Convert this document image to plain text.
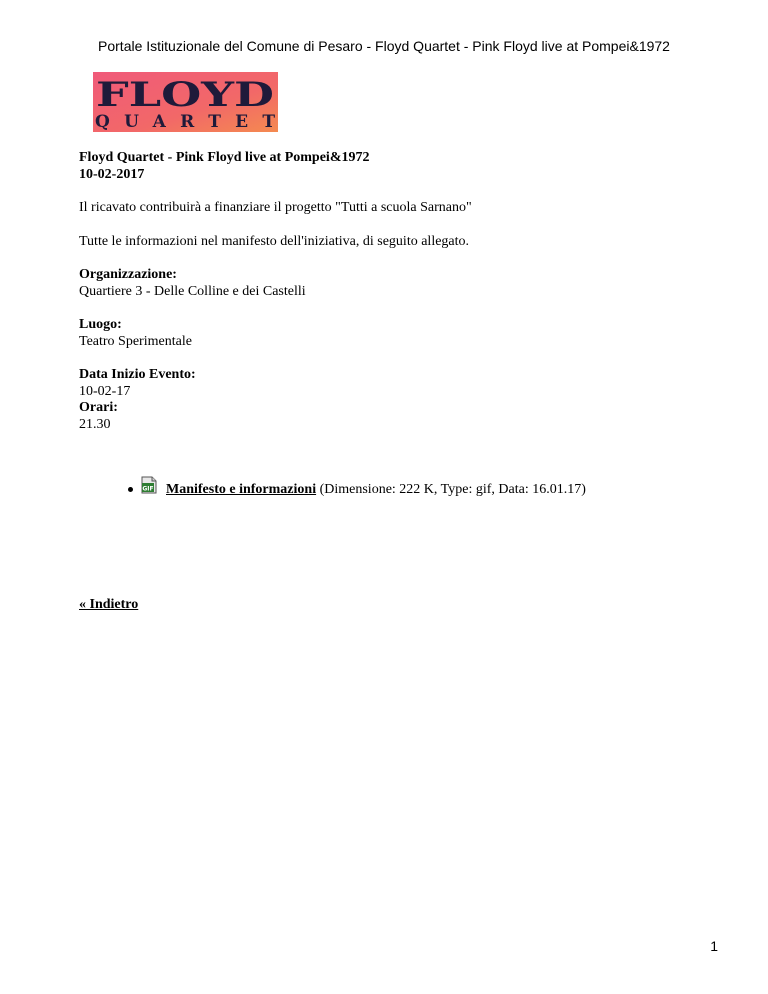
Portale Istituzionale del Comune di Pesaro - Floyd Quartet - Pink Floyd live at Pompei&1972
FLOYD
QUARTET

Floyd Quartet - Pink Floyd live at Pompei&1972

10-02-2017

Il ricavato contribuirà a finanziare il progetto "Tutti a scuola Sarnano"

Tutte le informazioni nel manifesto dell'iniziativa, di seguito allegato.

Organizzazione:

Quartiere 3 - Delle Colline e dei Castelli

Luogo:

Teatro Sperimentale

Data Inizio Evento:

10-02-17

Orari:

21.30

GIF Manifesto e informazioni (Dimensione: 222 K, Type: gif, Data: 16.01.17)
« Indietro
1
